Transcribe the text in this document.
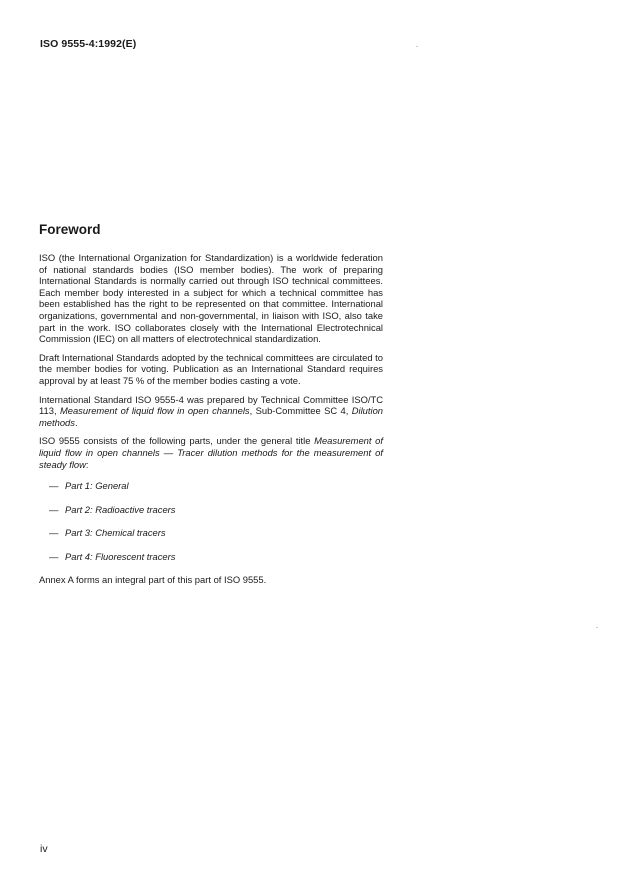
ISO 9555-4:1992(E)
Foreword

ISO (the International Organization for Standardization) is a worldwide federation of national standards bodies (ISO member bodies). The work of preparing International Standards is normally carried out through ISO technical committees. Each member body interested in a subject for which a technical committee has been established has the right to be represented on that committee. International organizations, governmental and non-governmental, in liaison with ISO, also take part in the work. ISO collaborates closely with the International Electrotechnical Commission (IEC) on all matters of electrotechnical standardization.

Draft International Standards adopted by the technical committees are circulated to the member bodies for voting. Publication as an International Standard requires approval by at least 75 % of the member bodies casting a vote.

International Standard ISO 9555-4 was prepared by Technical Committee ISO/TC 113, Measurement of liquid flow in open channels, Sub-Committee SC 4, Dilution methods.

ISO 9555 consists of the following parts, under the general title Measurement of liquid flow in open channels — Tracer dilution methods for the measurement of steady flow:

— Part 1: General
— Part 2: Radioactive tracers
— Part 3: Chemical tracers
— Part 4: Fluorescent tracers

Annex A forms an integral part of this part of ISO 9555.

iv
